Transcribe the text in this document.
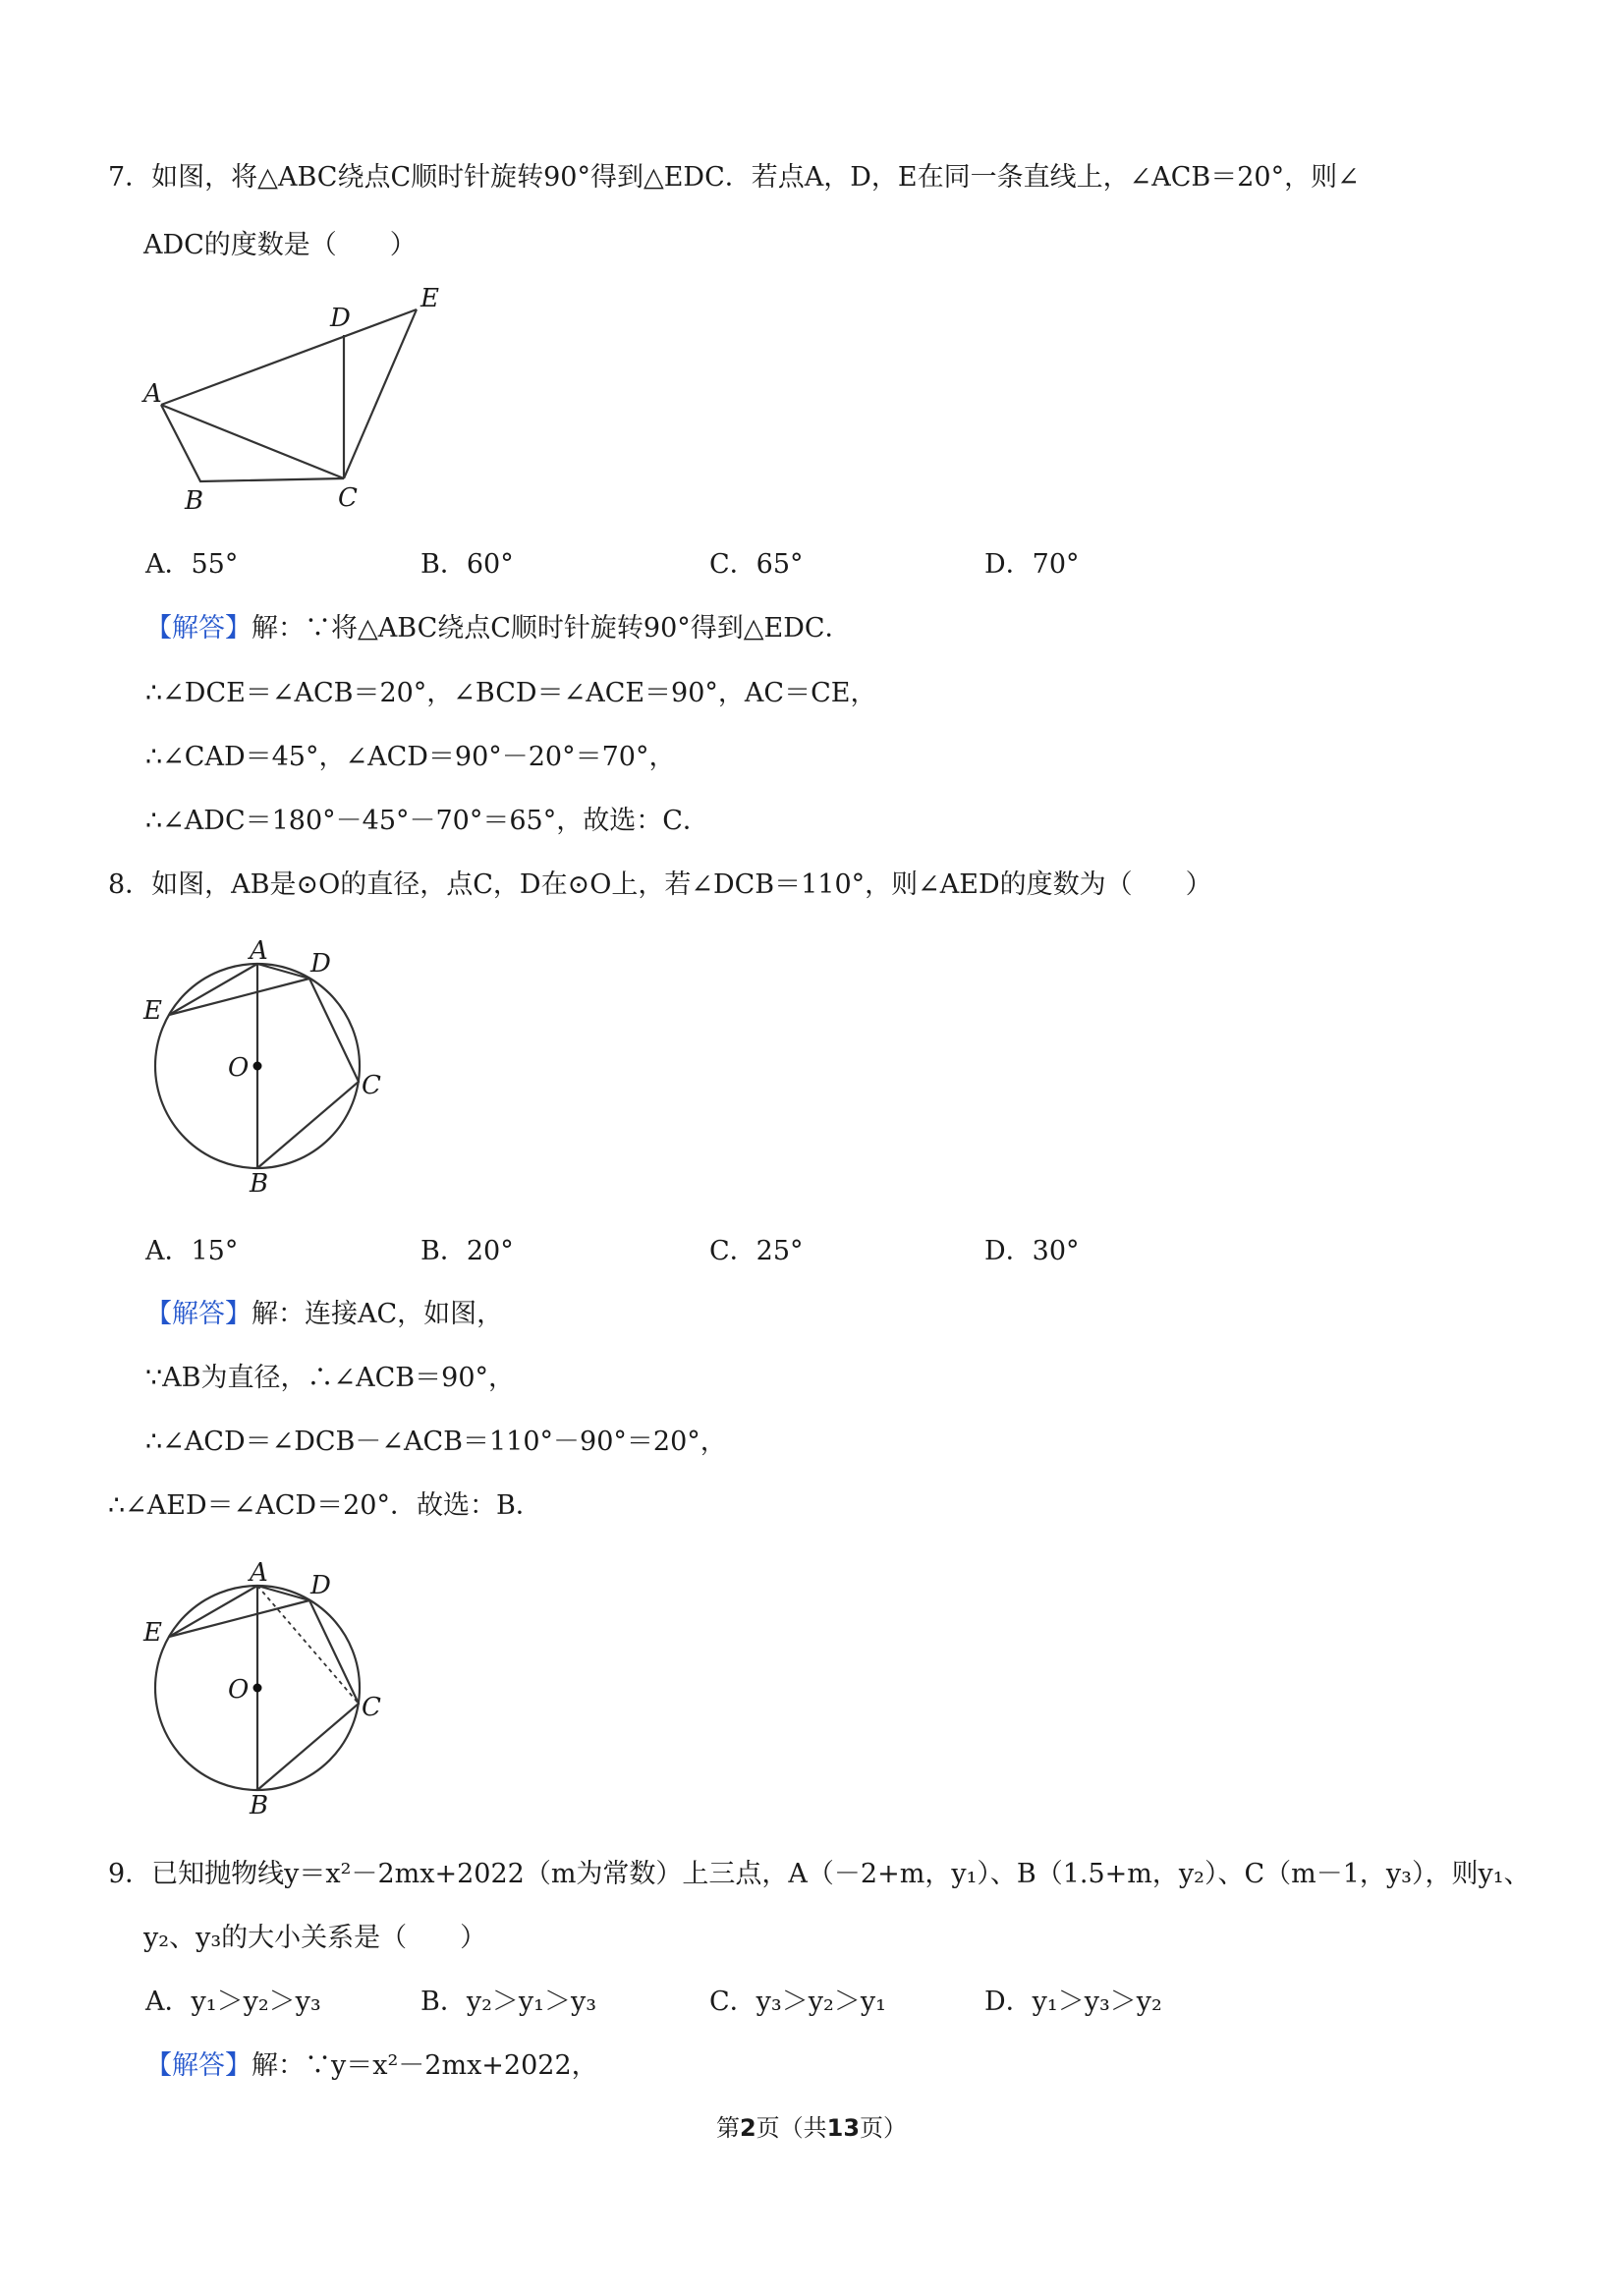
7．如图，将△ABC绕点C顺时针旋转90°得到△EDC．若点A，D，E在同一条直线上，∠ACB＝20°，则∠
ADC的度数是（　　）
A
B	C
D
E
A．55°	B．60°	C．65°	D．70°
【解答】解：∵将△ABC绕点C顺时针旋转90°得到△EDC．
∴∠DCE＝∠ACB＝20°，∠BCD＝∠ACE＝90°，AC＝CE，
∴∠CAD＝45°，∠ACD＝90°－20°＝70°，
∴∠ADC＝180°－45°－70°＝65°，故选：C．
8．如图，AB是⊙O的直径，点C，D在⊙O上，若∠DCB＝110°，则∠AED的度数为（　　）
A
B
C
D
E
O
A．15°	B．20°	C．25°	D．30°
【解答】解：连接AC，如图，
∵AB为直径，∴∠ACB＝90°，
∴∠ACD＝∠DCB－∠ACB＝110°－90°＝20°，
∴∠AED＝∠ACD＝20°．故选：B．
A
B
C
D
E
O
9．已知抛物线y＝x²－2mx+2022（m为常数）上三点，A（－2+m，y₁）、B（1.5+m，y₂）、C（m－1，y₃），则y₁、
y₂、y₃的大小关系是（　　）
A．y₁＞y₂＞y₃	B．y₂＞y₁＞y₃	C．y₃＞y₂＞y₁	D．y₁＞y₃＞y₂
【解答】解：∵y＝x²－2mx+2022，
第2页（共13页）
